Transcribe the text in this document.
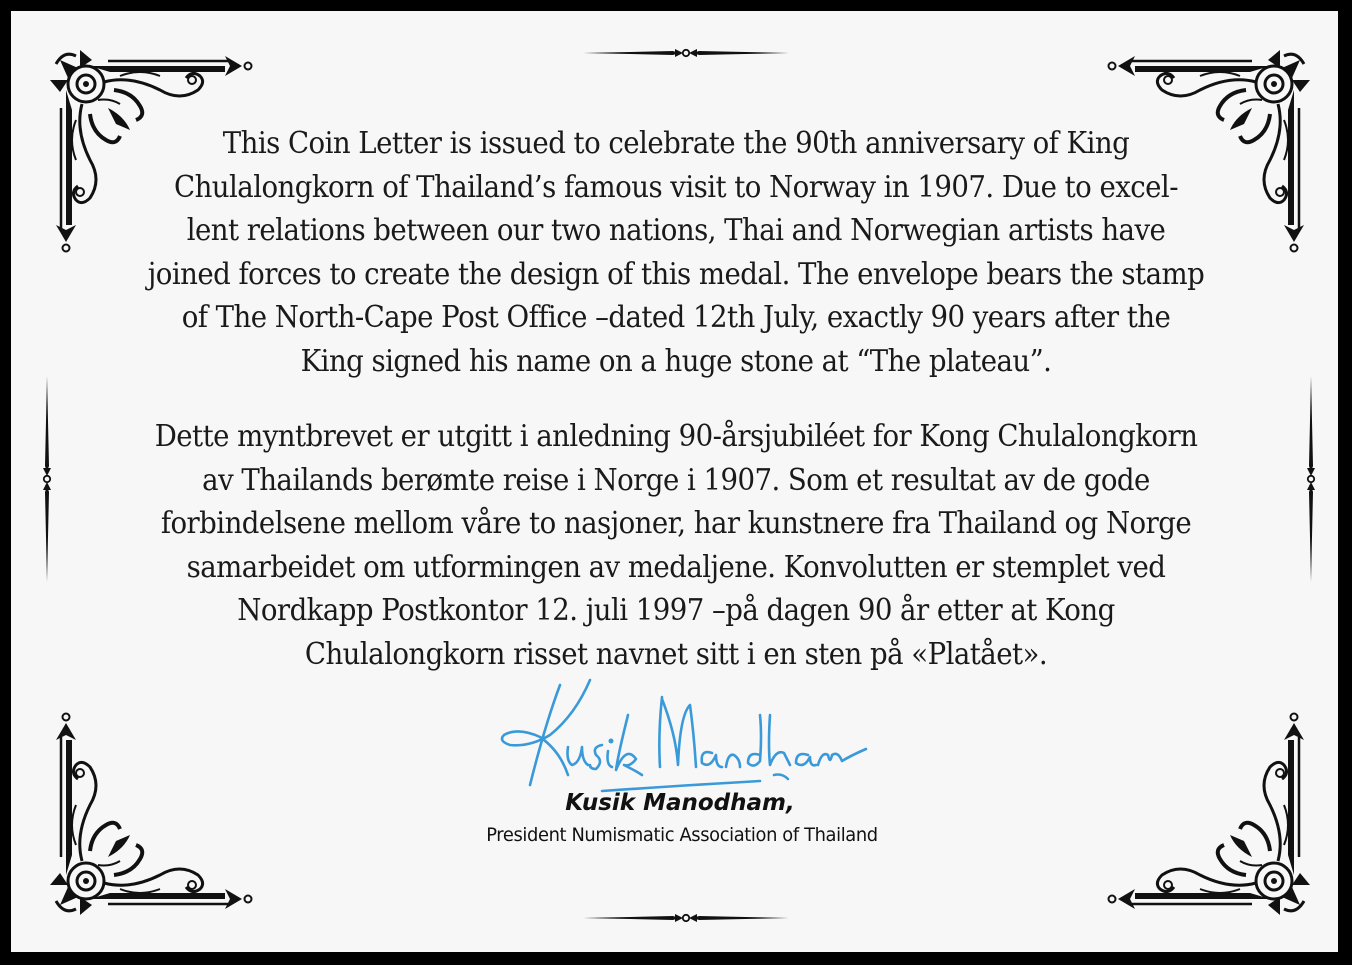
This Coin Letter is issued to celebrate the 90th anniversary of King
Chulalongkorn of Thailand’s famous visit to Norway in 1907. Due to excel-
lent relations between our two nations, Thai and Norwegian artists have
joined forces to create the design of this medal. The envelope bears the stamp
of The North-Cape Post Office –dated 12th July, exactly 90 years after the
King signed his name on a huge stone at “The plateau”.
Dette myntbrevet er utgitt i anledning 90-årsjubiléet for Kong Chulalongkorn
av Thailands berømte reise i Norge i 1907. Som et resultat av de gode
forbindelsene mellom våre to nasjoner, har kunstnere fra Thailand og Norge
samarbeidet om utformingen av medaljene. Konvolutten er stemplet ved
Nordkapp Postkontor 12. juli 1997 –på dagen 90 år etter at Kong
Chulalongkorn risset navnet sitt i en sten på «Platået».
Kusik Manodham,
President Numismatic Association of Thailand
